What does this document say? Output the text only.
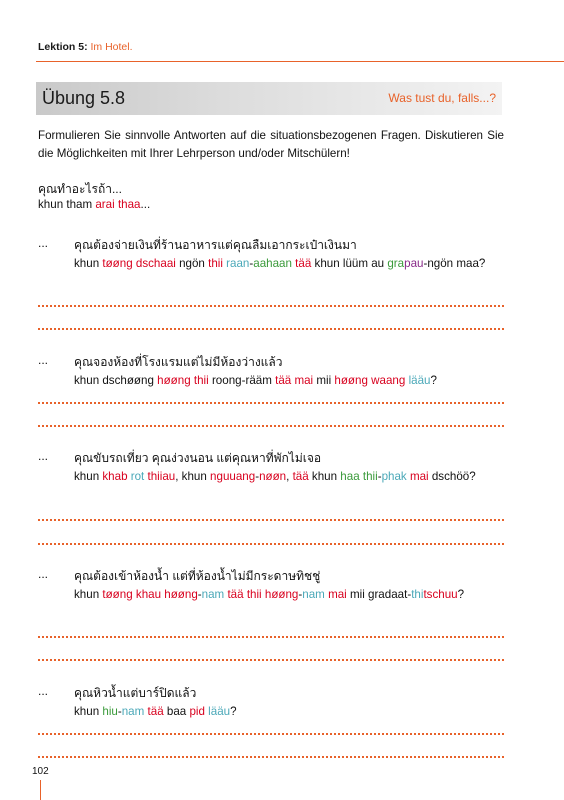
Lektion 5: Im Hotel.
Übung 5.8	Was tust du, falls...?
Formulieren Sie sinnvolle Antworten auf die situationsbezogenen Fragen. Diskutieren Sie die Möglichkeiten mit Ihrer Lehrperson und/oder Mitschülern!
คุณทำอะไรถ้า...
khun tham arai thaa...
... คุณต้องจ่ายเงินที่ร้านอาหารแต่คุณลืมเอากระเป๋าเงินมา
khun tøøng dschaai ngön thii raan-aahaan tää khun lüüm au grapau-ngön maa?
... คุณจองห้องที่โรงแรมแต่ไม่มีห้องว่างแล้ว
khun dschøøng høøng thii roong-rääm tää mai mii høøng waang lääu?
... คุณขับรถเที่ยว คุณง่วงนอน แต่คุณหาที่พักไม่เจอ
khun khab rot thiiau, khun nguuang-nøøn, tää khun haa thii-phak mai dschöö?
... คุณต้องเข้าห้องน้ำ แต่ที่ห้องน้ำไม่มีกระดาษทิชชู่
khun tøøng khau høøng-nam tää thii høøng-nam mai mii gradaat-thitschuu?
... คุณหิวน้ำแต่บาร์ปิดแล้ว
khun hiu-nam tää baa pid lääu?
102
